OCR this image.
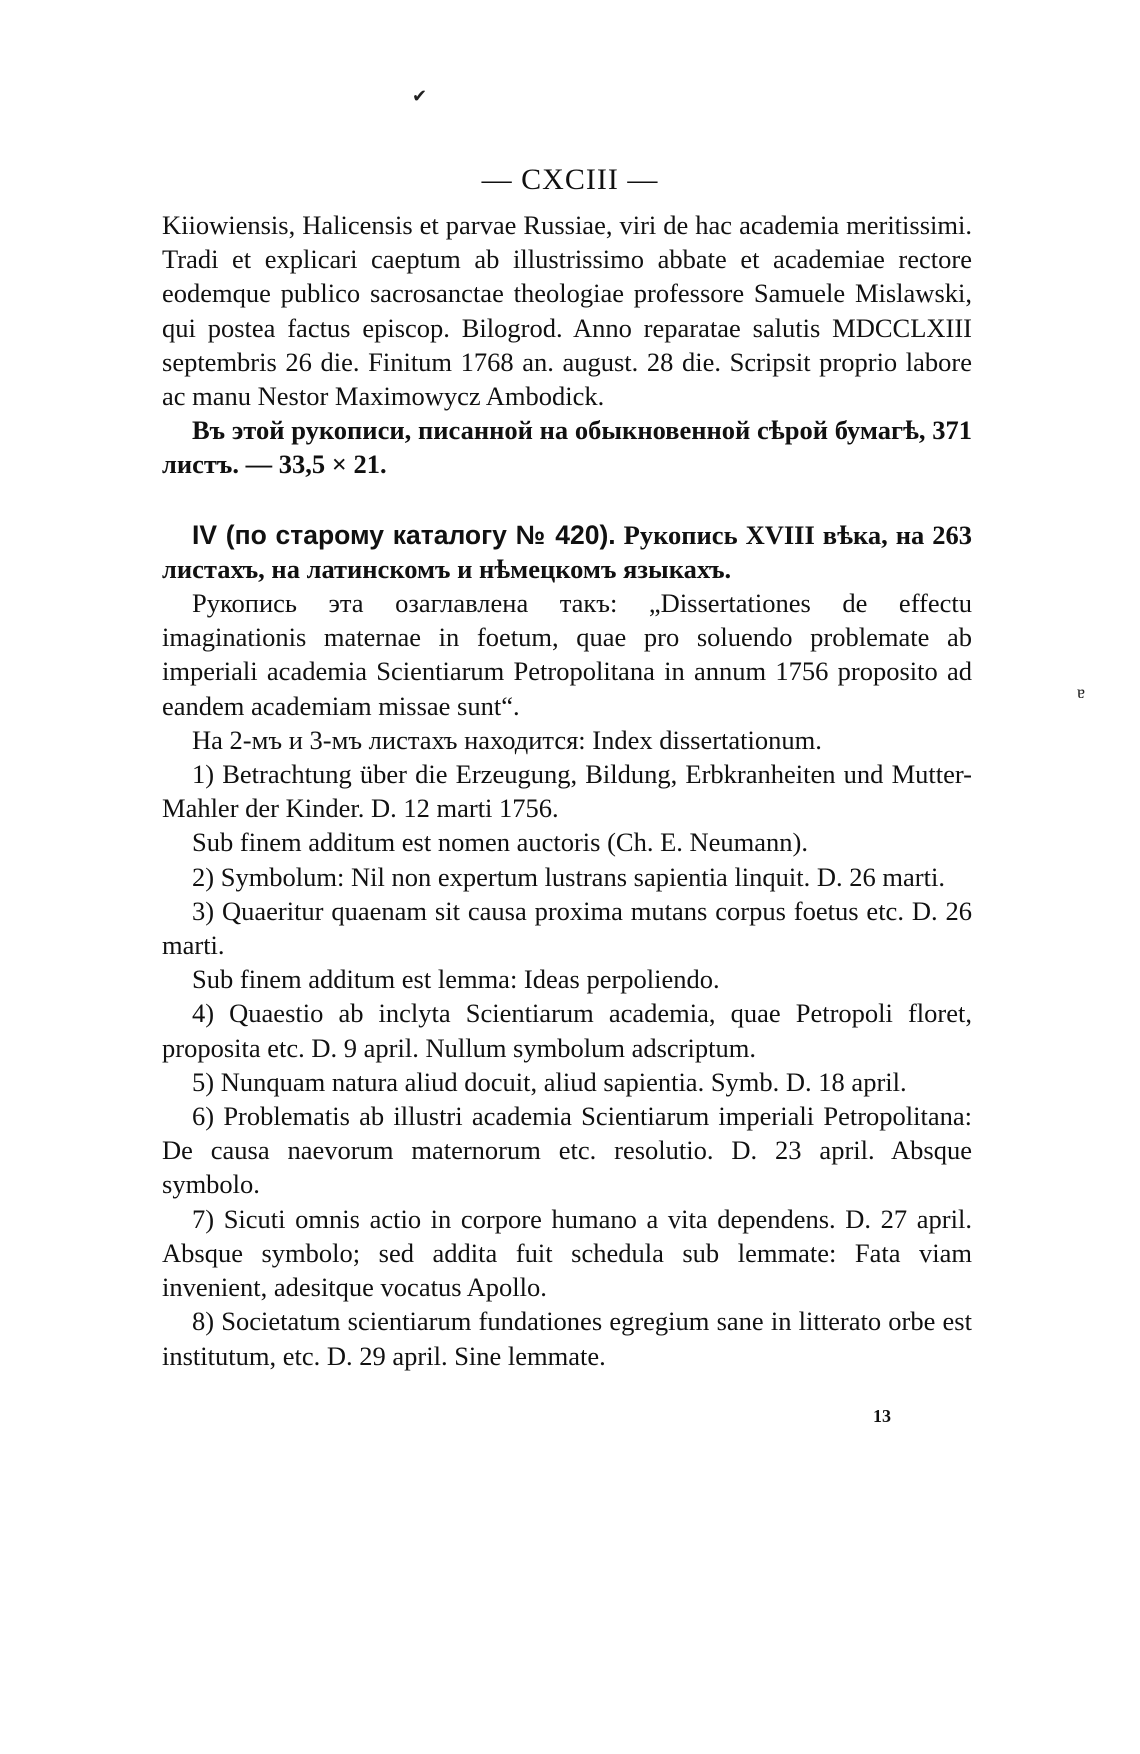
✔
ɐ
— CXCIII —

Kiiowiensis, Halicensis et parvae Russiae, viri de hac academia meritissimi. Tradi et explicari caeptum ab illustrissimo abbate et academiae rectore eodemque publico sacrosanctae theologiae professore Samuele Mislawski, qui postea factus episcop. Bilogrod. Anno reparatae salutis MDCCLXIII septembris 26 die. Finitum 1768 an. august. 28 die. Scripsit proprio labore ac manu Nestor Maximowycz Ambodick.

Въ этой рукописи, писанной на обыкновенной сѣрой бумагѣ, 371 листъ. — 33,5 × 21.

IV (по старому каталогу № 420). Рукопись XVIII вѣка, на 263 листахъ, на латинскомъ и нѣмецкомъ языкахъ.

Рукопись эта озаглавлена такъ: „Dissertationes de effectu imaginationis maternae in foetum, quae pro soluendo problemate ab imperiali academia Scientiarum Petropolitana in annum 1756 proposito ad eandem academiam missae sunt“.

На 2-мъ и 3-мъ листахъ находится: Index dissertationum.

1) Betrachtung über die Erzeugung, Bildung, Erbkranheiten und Mutter-Mahler der Kinder. D. 12 marti 1756.

Sub finem additum est nomen auctoris (Ch. E. Neumann).

2) Symbolum: Nil non expertum lustrans sapientia linquit. D. 26 marti.

3) Quaeritur quaenam sit causa proxima mutans corpus foetus etc. D. 26 marti.

Sub finem additum est lemma: Ideas perpoliendo.

4) Quaestio ab inclyta Scientiarum academia, quae Petropoli floret, proposita etc. D. 9 april. Nullum symbolum adscriptum.

5) Nunquam natura aliud docuit, aliud sapientia. Symb. D. 18 april.

6) Problematis ab illustri academia Scientiarum imperiali Petropolitana: De causa naevorum maternorum etc. resolutio. D. 23 april. Absque symbolo.

7) Sicuti omnis actio in corpore humano a vita dependens. D. 27 april. Absque symbolo; sed addita fuit schedula sub lemmate: Fata viam invenient, adesitque vocatus Apollo.

8) Societatum scientiarum fundationes egregium sane in litterato orbe est institutum, etc. D. 29 april. Sine lemmate.

13
